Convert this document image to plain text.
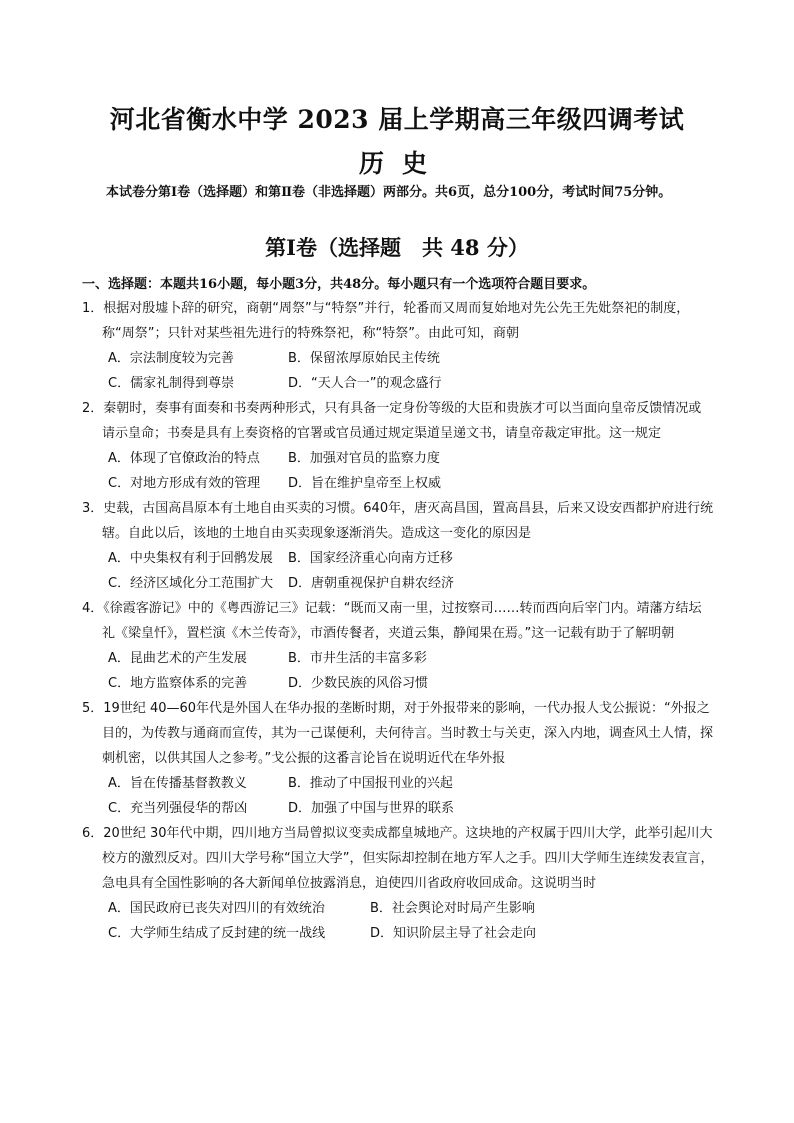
河北省衡水中学 2023 届上学期高三年级四调考试
历史
本试卷分第Ⅰ卷（选择题）和第Ⅱ卷（非选择题）两部分。共6页，总分100分，考试时间75分钟。
第Ⅰ卷（选择题　共 48 分）
一、选择题：本题共16小题，每小题3分，共48分。每小题只有一个选项符合题目要求。
1．根据对殷墟卜辞的研究，商朝“周祭”与“特祭”并行，轮番而又周而复始地对先公先王先妣祭祀的制度，称“周祭”；只针对某些祖先进行的特殊祭祀，称“特祭”。由此可知，商朝
A．宗法制度较为完善	B．保留浓厚原始民主传统
C．儒家礼制得到尊崇	D．“天人合一”的观念盛行
2．秦朝时，奏事有面奏和书奏两种形式，只有具备一定身份等级的大臣和贵族才可以当面向皇帝反馈情况或请示皇命；书奏是具有上奏资格的官署或官员通过规定渠道呈递文书，请皇帝裁定审批。这一规定
A．体现了官僚政治的特点 B．加强对官员的监察力度
C．对地方形成有效的管理 D．旨在维护皇帝至上权威
3．史载，古国高昌原本有土地自由买卖的习惯。640年，唐灭高昌国，置高昌县，后来又设安西都护府进行统辖。自此以后，该地的土地自由买卖现象逐渐消失。造成这一变化的原因是
A．中央集权有利于回鹘发展 B．国家经济重心向南方迁移
C．经济区域化分工范围扩大 D．唐朝重视保护自耕农经济
4．《徐霞客游记》中的《粤西游记三》记载：“既而又南一里，过按察司……转而西向后宰门内。靖藩方结坛礼《梁皇忏》，置栏演《木兰传奇》，市酒传餐者，夹道云集，静闻果在焉。”这一记载有助于了解明朝
A．昆曲艺术的产生发展	B．市井生活的丰富多彩
C．地方监察体系的完善	D．少数民族的风俗习惯
5．19世纪 40—60年代是外国人在华办报的垄断时期，对于外报带来的影响，一代办报人戈公振说：“外报之目的，为传教与通商而宣传，其为一己谋便利，夫何待言。当时教士与关吏，深入内地，调查风土人情，探刺机密，以供其国人之参考。”戈公振的这番言论旨在说明近代在华外报
A．旨在传播基督教教义	B．推动了中国报刊业的兴起
C．充当列强侵华的帮凶	D．加强了中国与世界的联系
6．20世纪 30年代中期，四川地方当局曾拟议变卖成都皇城地产。这块地的产权属于四川大学，此举引起川大校方的激烈反对。四川大学号称“国立大学”，但实际却控制在地方军人之手。四川大学师生连续发表宣言，急电具有全国性影响的各大新闻单位披露消息，迫使四川省政府收回成命。这说明当时
A．国民政府已丧失对四川的有效统治	B．社会舆论对时局产生影响
C．大学师生结成了反封建的统一战线	D．知识阶层主导了社会走向
